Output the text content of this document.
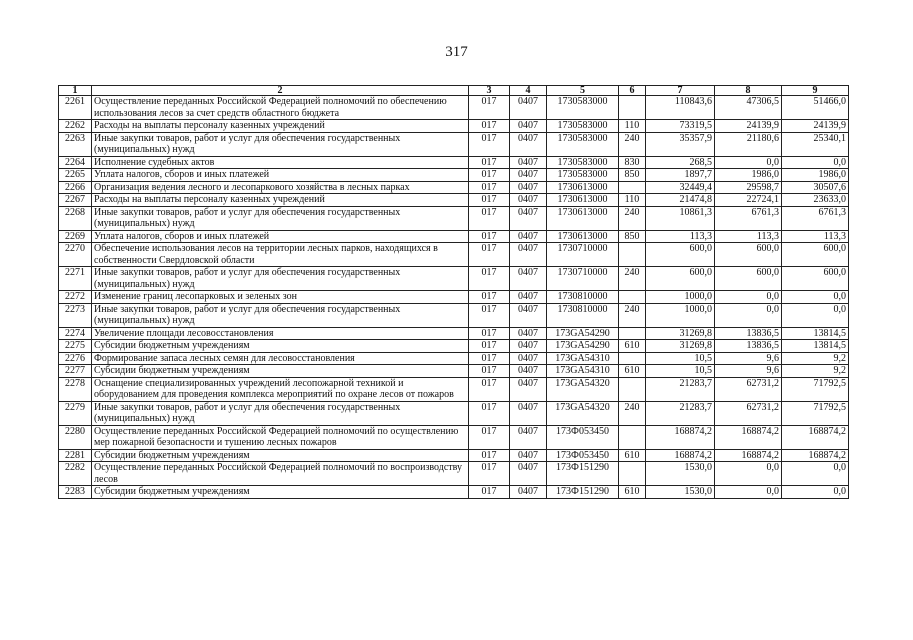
317
1	2	3	4	5	6	7	8	9
2261	Осуществление переданных Российской Федерацией полномочий по обеспечению использования лесов за счет средств областного бюджета	017	0407	1730583000		110843,6	47306,5	51466,0
2262	Расходы на выплаты персоналу казенных учреждений	017	0407	1730583000	110	73319,5	24139,9	24139,9
2263	Иные закупки товаров, работ и услуг для обеспечения государственных (муниципальных) нужд	017	0407	1730583000	240	35357,9	21180,6	25340,1
2264	Исполнение судебных актов	017	0407	1730583000	830	268,5	0,0	0,0
2265	Уплата налогов, сборов и иных платежей	017	0407	1730583000	850	1897,7	1986,0	1986,0
2266	Организация ведения лесного и лесопаркового хозяйства в лесных парках	017	0407	1730613000		32449,4	29598,7	30507,6
2267	Расходы на выплаты персоналу казенных учреждений	017	0407	1730613000	110	21474,8	22724,1	23633,0
2268	Иные закупки товаров, работ и услуг для обеспечения государственных (муниципальных) нужд	017	0407	1730613000	240	10861,3	6761,3	6761,3
2269	Уплата налогов, сборов и иных платежей	017	0407	1730613000	850	113,3	113,3	113,3
2270	Обеспечение использования лесов на территории лесных парков, находящихся в собственности Свердловской области	017	0407	1730710000		600,0	600,0	600,0
2271	Иные закупки товаров, работ и услуг для обеспечения государственных (муниципальных) нужд	017	0407	1730710000	240	600,0	600,0	600,0
2272	Изменение границ лесопарковых и зеленых зон	017	0407	1730810000		1000,0	0,0	0,0
2273	Иные закупки товаров, работ и услуг для обеспечения государственных (муниципальных) нужд	017	0407	1730810000	240	1000,0	0,0	0,0
2274	Увеличение площади лесовосстановления	017	0407	173GA54290		31269,8	13836,5	13814,5
2275	Субсидии бюджетным учреждениям	017	0407	173GA54290	610	31269,8	13836,5	13814,5
2276	Формирование запаса лесных семян для лесовосстановления	017	0407	173GA54310		10,5	9,6	9,2
2277	Субсидии бюджетным учреждениям	017	0407	173GA54310	610	10,5	9,6	9,2
2278	Оснащение специализированных учреждений лесопожарной техникой и оборудованием для проведения комплекса мероприятий по охране лесов от пожаров	017	0407	173GA54320		21283,7	62731,2	71792,5
2279	Иные закупки товаров, работ и услуг для обеспечения государственных (муниципальных) нужд	017	0407	173GA54320	240	21283,7	62731,2	71792,5
2280	Осуществление переданных Российской Федерацией полномочий по осуществлению мер пожарной безопасности и тушению лесных пожаров	017	0407	173Ф053450		168874,2	168874,2	168874,2
2281	Субсидии бюджетным учреждениям	017	0407	173Ф053450	610	168874,2	168874,2	168874,2
2282	Осуществление переданных Российской Федерацией полномочий по воспроизводству лесов	017	0407	173Ф151290		1530,0	0,0	0,0
2283	Субсидии бюджетным учреждениям	017	0407	173Ф151290	610	1530,0	0,0	0,0
